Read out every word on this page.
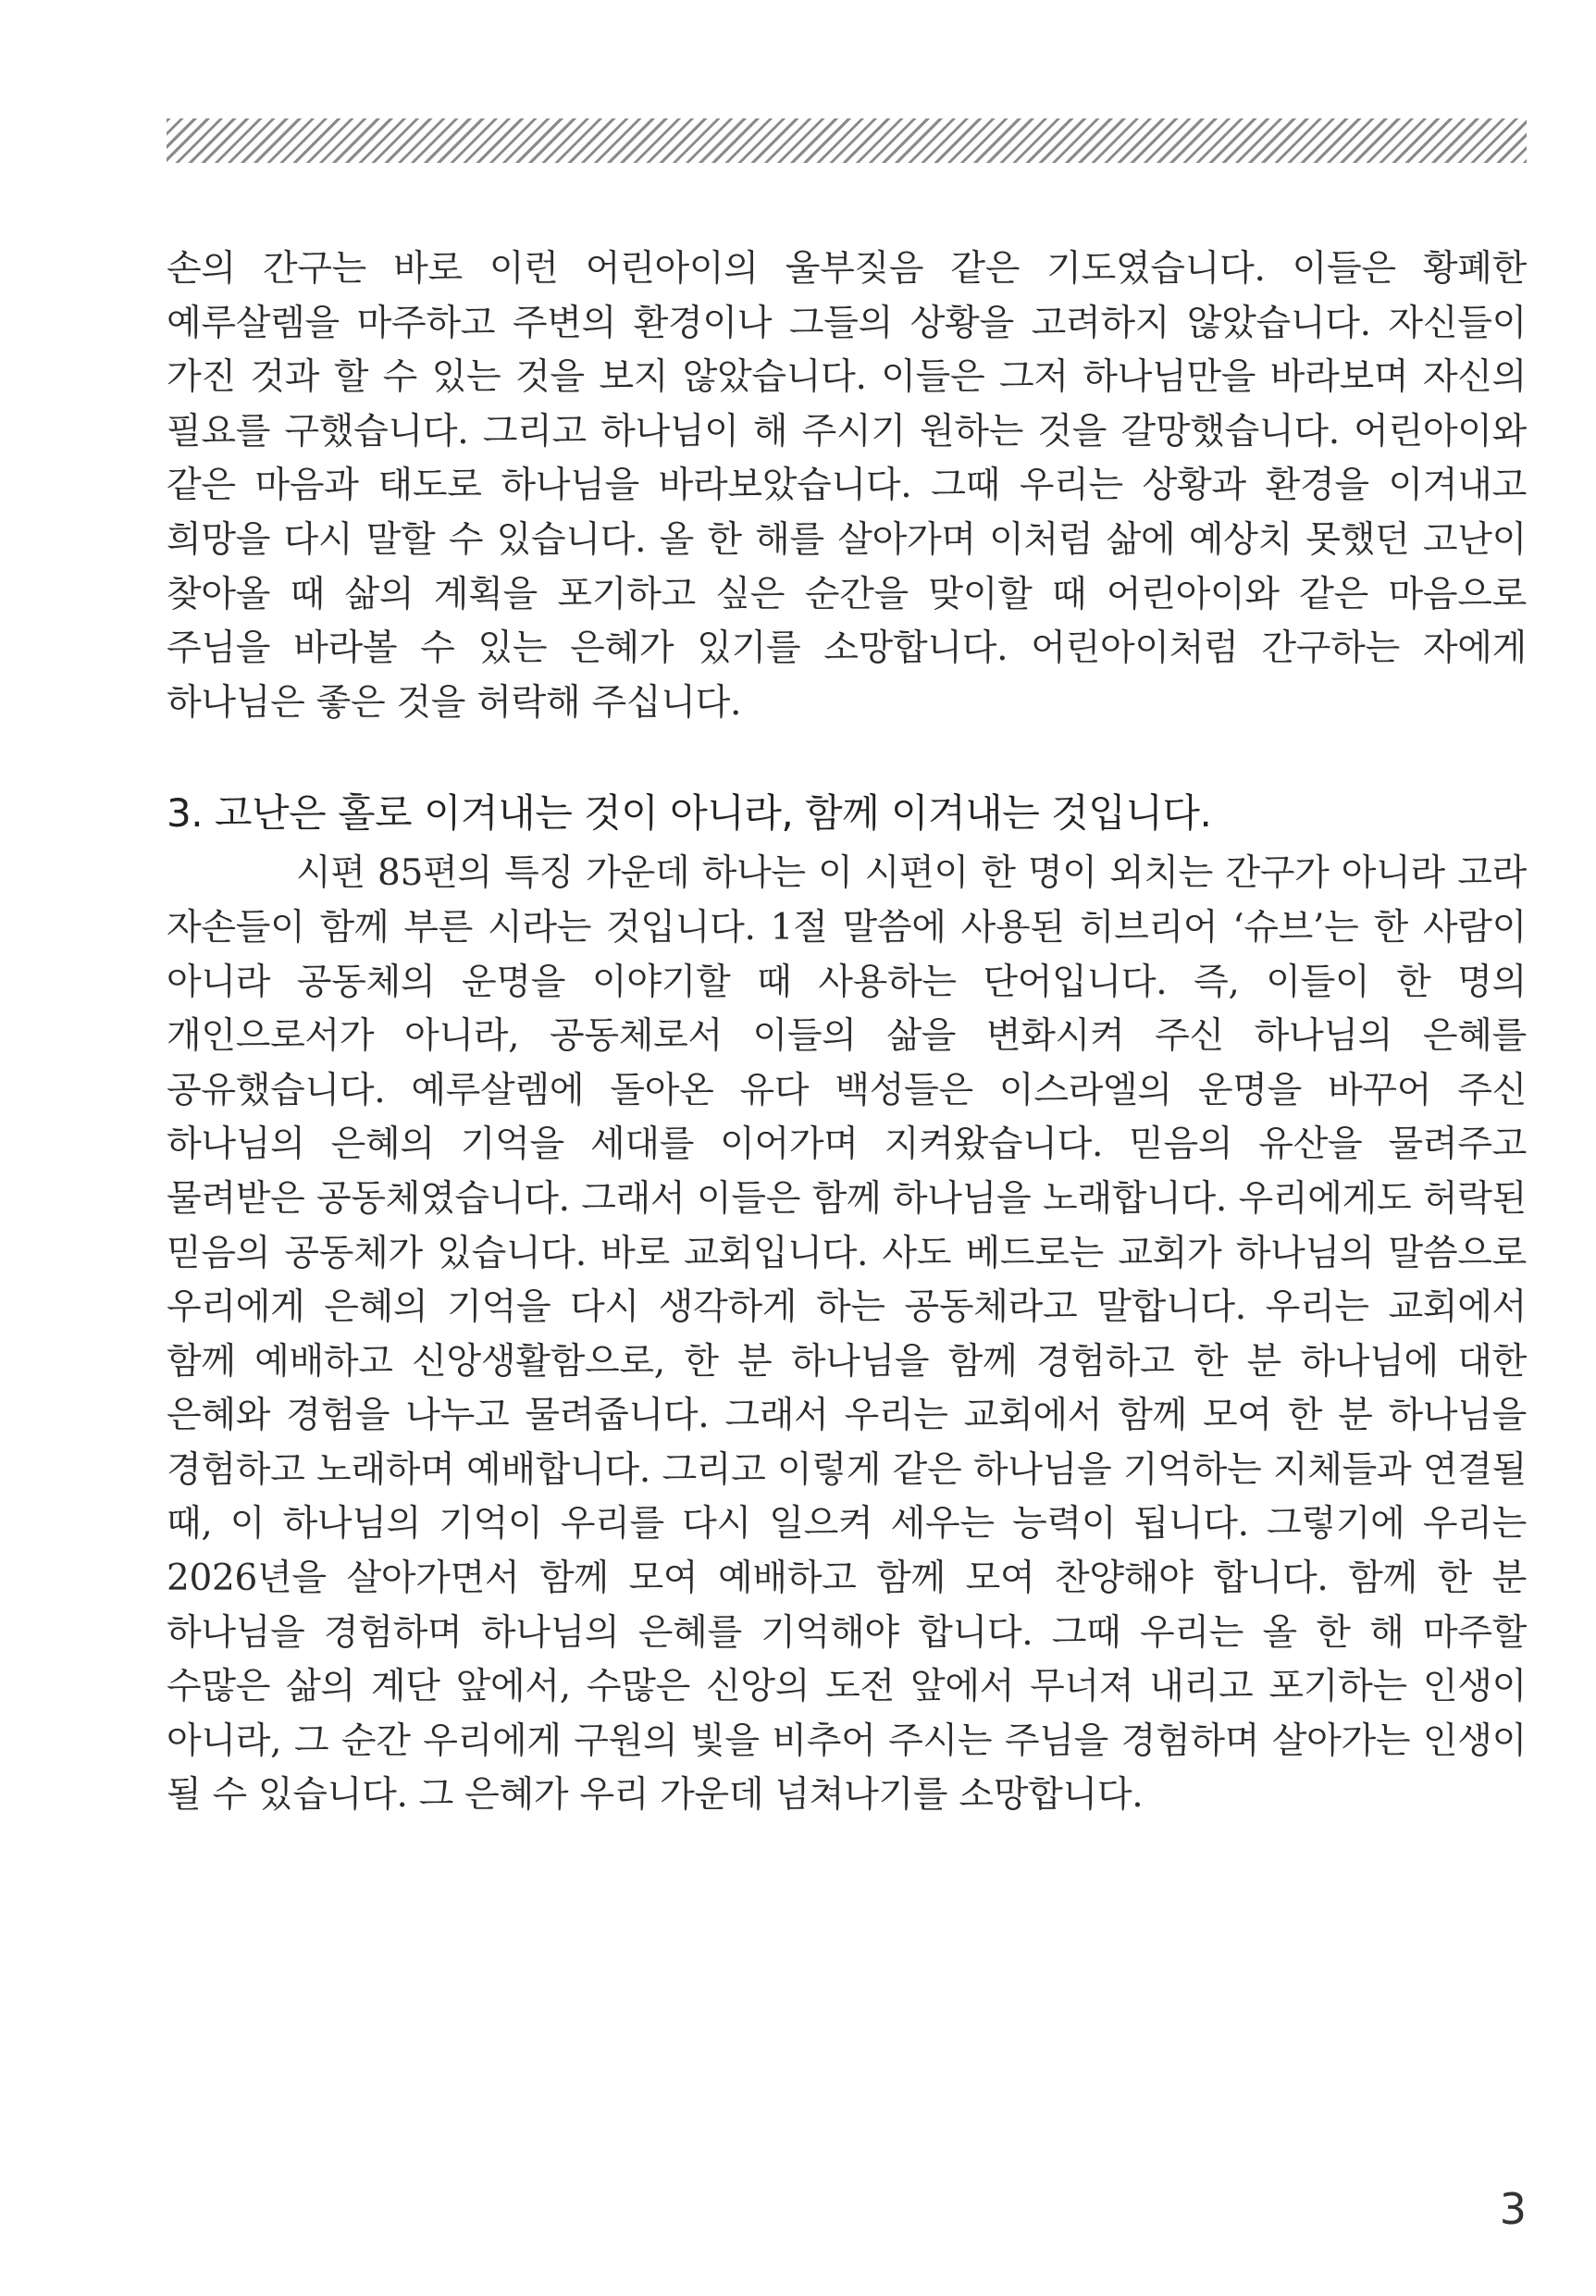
손의 간구는 바로 이런 어린아이의 울부짖음 같은 기도였습니다. 이들은 황폐한 예루살렘을 마주하고 주변의 환경이나 그들의 상황을 고려하지 않았습니다. 자신들이 가진 것과 할 수 있는 것을 보지 않았습니다. 이들은 그저 하나님만을 바라보며 자신의 필요를 구했습니다. 그리고 하나님이 해 주시기 원하는 것을 갈망했습니다. 어린아이와 같은 마음과 태도로 하나님을 바라보았습니다. 그때 우리는 상황과 환경을 이겨내고 희망을 다시 말할 수 있습니다. 올 한 해를 살아가며 이처럼 삶에 예상치 못했던 고난이 찾아올 때 삶의 계획을 포기하고 싶은 순간을 맞이할 때 어린아이와 같은 마음으로 주님을 바라볼 수 있는 은혜가 있기를 소망합니다. 어린아이처럼 간구하는 자에게 하나님은 좋은 것을 허락해 주십니다.

3. 고난은 홀로 이겨내는 것이 아니라, 함께 이겨내는 것입니다.

시편 85편의 특징 가운데 하나는 이 시편이 한 명이 외치는 간구가 아니라 고라 자손들이 함께 부른 시라는 것입니다. 1절 말씀에 사용된 히브리어 ‘슈브’는 한 사람이 아니라 공동체의 운명을 이야기할 때 사용하는 단어입니다. 즉, 이들이 한 명의 개인으로서가 아니라, 공동체로서 이들의 삶을 변화시켜 주신 하나님의 은혜를 공유했습니다. 예루살렘에 돌아온 유다 백성들은 이스라엘의 운명을 바꾸어 주신 하나님의 은혜의 기억을 세대를 이어가며 지켜왔습니다. 믿음의 유산을 물려주고 물려받은 공동체였습니다. 그래서 이들은 함께 하나님을 노래합니다. 우리에게도 허락된 믿음의 공동체가 있습니다. 바로 교회입니다. 사도 베드로는 교회가 하나님의 말씀으로 우리에게 은혜의 기억을 다시 생각하게 하는 공동체라고 말합니다. 우리는 교회에서 함께 예배하고 신앙생활함으로, 한 분 하나님을 함께 경험하고 한 분 하나님에 대한 은혜와 경험을 나누고 물려줍니다. 그래서 우리는 교회에서 함께 모여 한 분 하나님을 경험하고 노래하며 예배합니다. 그리고 이렇게 같은 하나님을 기억하는 지체들과 연결될 때, 이 하나님의 기억이 우리를 다시 일으켜 세우는 능력이 됩니다. 그렇기에 우리는 2026년을 살아가면서 함께 모여 예배하고 함께 모여 찬양해야 합니다. 함께 한 분 하나님을 경험하며 하나님의 은혜를 기억해야 합니다. 그때 우리는 올 한 해 마주할 수많은 삶의 계단 앞에서, 수많은 신앙의 도전 앞에서 무너져 내리고 포기하는 인생이 아니라, 그 순간 우리에게 구원의 빛을 비추어 주시는 주님을 경험하며 살아가는 인생이 될 수 있습니다. 그 은혜가 우리 가운데 넘쳐나기를 소망합니다.

3
